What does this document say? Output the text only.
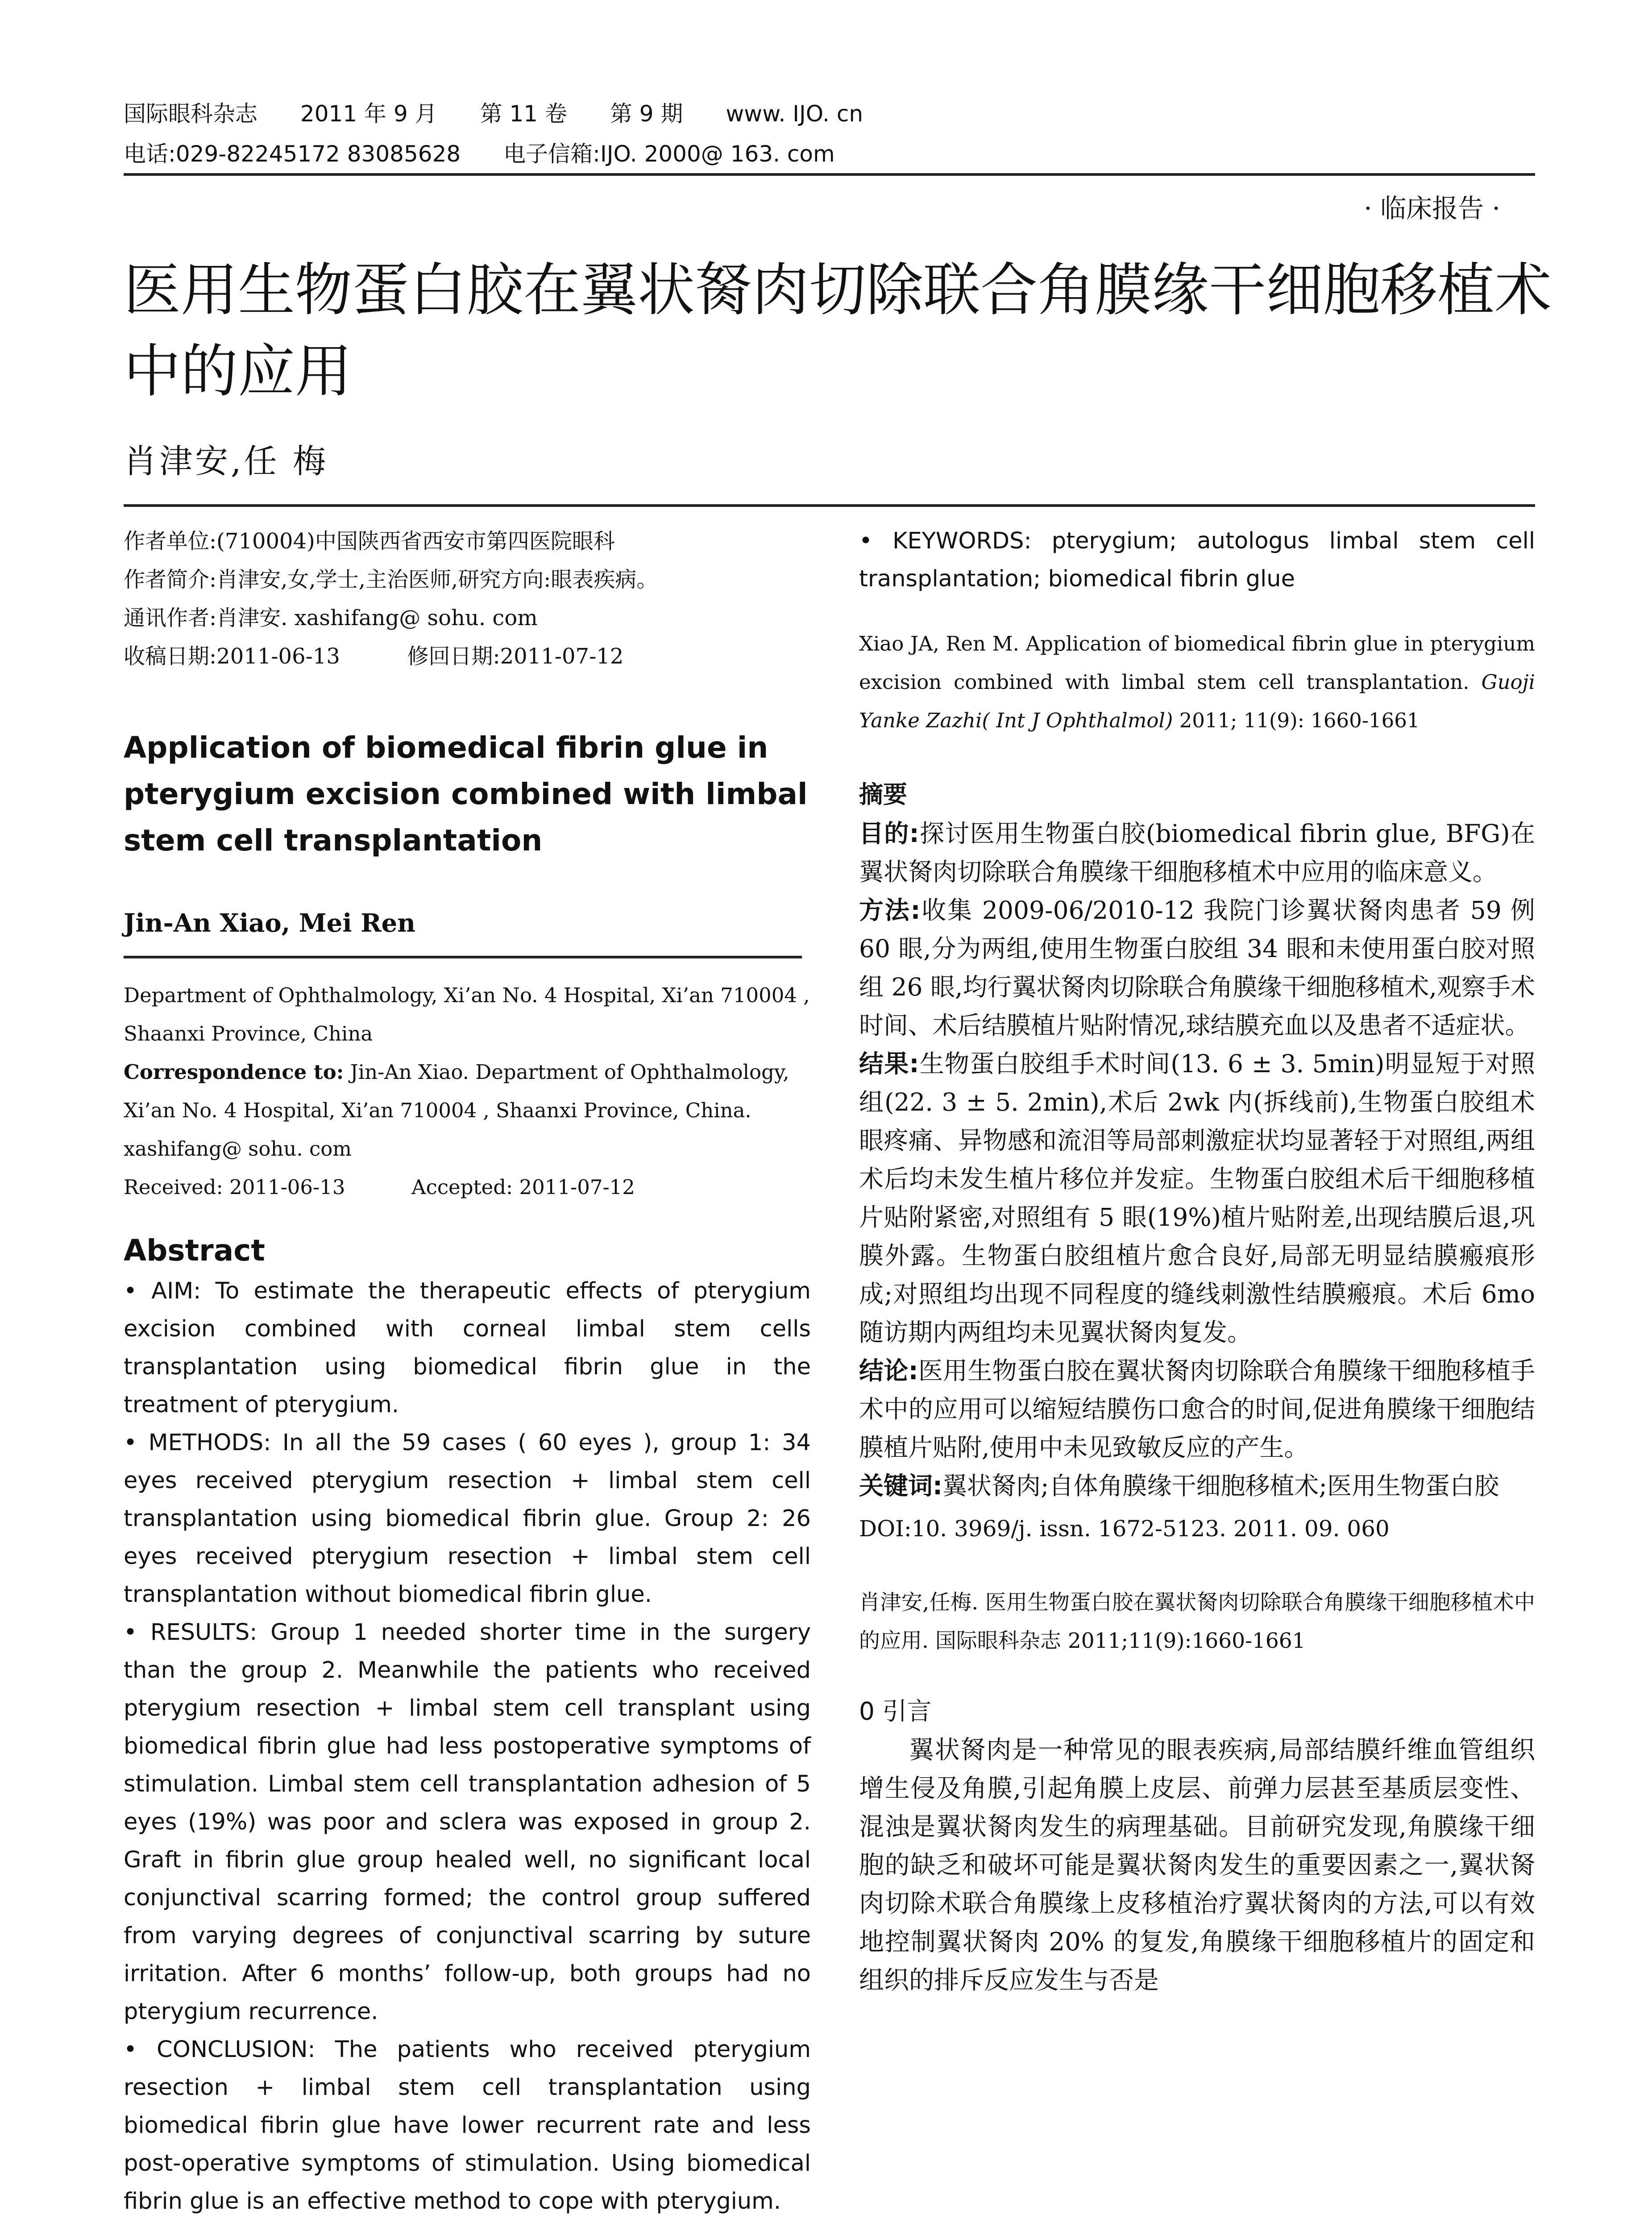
国际眼科杂志 2011 年 9 月 第 11 卷 第 9 期 www. IJO. cn
电话:029-82245172 83085628 电子信箱:IJO. 2000@ 163. com
· 临床报告 ·
医用生物蛋白胶在翼状胬肉切除联合角膜缘干细胞移植术中的应用
肖津安,任 梅

作者单位:(710004)中国陕西省西安市第四医院眼科

作者简介:肖津安,女,学士,主治医师,研究方向:眼表疾病。

通讯作者:肖津安. xashifang@ sohu. com

收稿日期:2011-06-13	修回日期:2011-07-12

Application of biomedical fibrin glue in pterygium excision combined with limbal stem cell transplantation
Jin-An Xiao, Mei Ren

Department of Ophthalmology, Xi’an No. 4 Hospital, Xi’an 710004 , Shaanxi Province, China

Correspondence to: Jin-An Xiao. Department of Ophthalmology, Xi’an No. 4 Hospital, Xi’an 710004 , Shaanxi Province, China. xashifang@ sohu. com

Received: 2011-06-13	Accepted: 2011-07-12

Abstract

• AIM: To estimate the therapeutic effects of pterygium excision combined with corneal limbal stem cells transplantation using biomedical fibrin glue in the treatment of pterygium.

• METHODS: In all the 59 cases ( 60 eyes ), group 1: 34 eyes received pterygium resection + limbal stem cell transplantation using biomedical fibrin glue. Group 2: 26 eyes received pterygium resection + limbal stem cell transplantation without biomedical fibrin glue.

• RESULTS: Group 1 needed shorter time in the surgery than the group 2. Meanwhile the patients who received pterygium resection + limbal stem cell transplant using biomedical fibrin glue had less postoperative symptoms of stimulation. Limbal stem cell transplantation adhesion of 5 eyes (19%) was poor and sclera was exposed in group 2. Graft in fibrin glue group healed well, no significant local conjunctival scarring formed; the control group suffered from varying degrees of conjunctival scarring by suture irritation. After 6 months’ follow-up, both groups had no pterygium recurrence.

• CONCLUSION: The patients who received pterygium resection + limbal stem cell transplantation using biomedical fibrin glue have lower recurrent rate and less post-operative symptoms of stimulation. Using biomedical fibrin glue is an effective method to cope with pterygium.

• KEYWORDS: pterygium; autologus limbal stem cell transplantation; biomedical fibrin glue

Xiao JA, Ren M. Application of biomedical fibrin glue in pterygium excision combined with limbal stem cell transplantation. Guoji Yanke Zazhi( Int J Ophthalmol) 2011; 11(9): 1660-1661

摘要

目的:探讨医用生物蛋白胶(biomedical fibrin glue, BFG)在翼状胬肉切除联合角膜缘干细胞移植术中应用的临床意义。

方法:收集 2009-06/2010-12 我院门诊翼状胬肉患者 59 例 60 眼,分为两组,使用生物蛋白胶组 34 眼和未使用蛋白胶对照组 26 眼,均行翼状胬肉切除联合角膜缘干细胞移植术,观察手术时间、术后结膜植片贴附情况,球结膜充血以及患者不适症状。

结果:生物蛋白胶组手术时间(13. 6 ± 3. 5min)明显短于对照组(22. 3 ± 5. 2min),术后 2wk 内(拆线前),生物蛋白胶组术眼疼痛、异物感和流泪等局部刺激症状均显著轻于对照组,两组术后均未发生植片移位并发症。生物蛋白胶组术后干细胞移植片贴附紧密,对照组有 5 眼(19%)植片贴附差,出现结膜后退,巩膜外露。生物蛋白胶组植片愈合良好,局部无明显结膜瘢痕形成;对照组均出现不同程度的缝线刺激性结膜瘢痕。术后 6mo 随访期内两组均未见翼状胬肉复发。

结论:医用生物蛋白胶在翼状胬肉切除联合角膜缘干细胞移植手术中的应用可以缩短结膜伤口愈合的时间,促进角膜缘干细胞结膜植片贴附,使用中未见致敏反应的产生。

关键词:翼状胬肉;自体角膜缘干细胞移植术;医用生物蛋白胶

DOI:10. 3969/j. issn. 1672-5123. 2011. 09. 060

肖津安,任梅. 医用生物蛋白胶在翼状胬肉切除联合角膜缘干细胞移植术中的应用. 国际眼科杂志 2011;11(9):1660-1661

0 引言

翼状胬肉是一种常见的眼表疾病,局部结膜纤维血管组织增生侵及角膜,引起角膜上皮层、前弹力层甚至基质层变性、混浊是翼状胬肉发生的病理基础。目前研究发现,角膜缘干细胞的缺乏和破坏可能是翼状胬肉发生的重要因素之一,翼状胬肉切除术联合角膜缘上皮移植治疗翼状胬肉的方法,可以有效地控制翼状胬肉 20% 的复发,角膜缘干细胞移植片的固定和组织的排斥反应发生与否是
